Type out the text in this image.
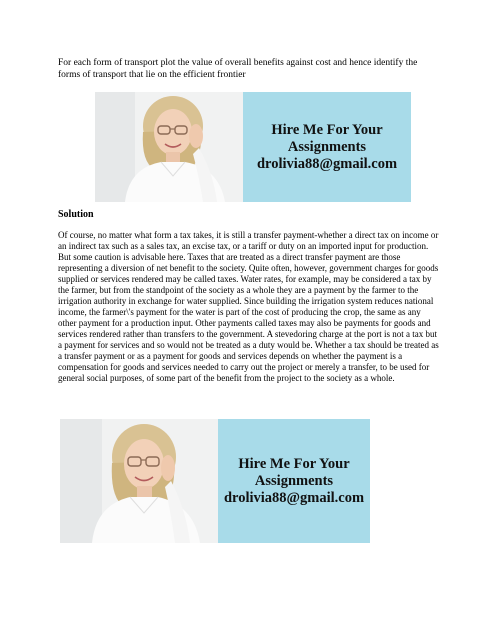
For each form of transport plot the value of overall benefits against cost and hence identify the forms of transport that lie on the efficient frontier

Hire Me For Your
Assignments
drolivia88@gmail.com
Solution

Of course, no matter what form a tax takes, it is still a transfer payment-whether a direct tax on income or an indirect tax such as a sales tax, an excise tax, or a tariff or duty on an imported input for production. But some caution is advisable here. Taxes that are treated as a direct transfer payment are those representing a diversion of net benefit to the society. Quite often, however, government charges for goods supplied or services rendered may be called taxes. Water rates, for example, may be considered a tax by the farmer, but from the standpoint of the society as a whole they are a payment by the farmer to the irrigation authority in exchange for water supplied. Since building the irrigation system reduces national income, the farmer\'s payment for the water is part of the cost of producing the crop, the same as any other payment for a production input. Other payments called taxes may also be payments for goods and services rendered rather than transfers to the government. A stevedoring charge at the port is not a tax but a payment for services and so would not be treated as a duty would be. Whether a tax should be treated as a transfer payment or as a payment for goods and services depends on whether the payment is a compensation for goods and services needed to carry out the project or merely a transfer, to be used for general social purposes, of some part of the benefit from the project to the society as a whole.

Hire Me For Your
Assignments
drolivia88@gmail.com
